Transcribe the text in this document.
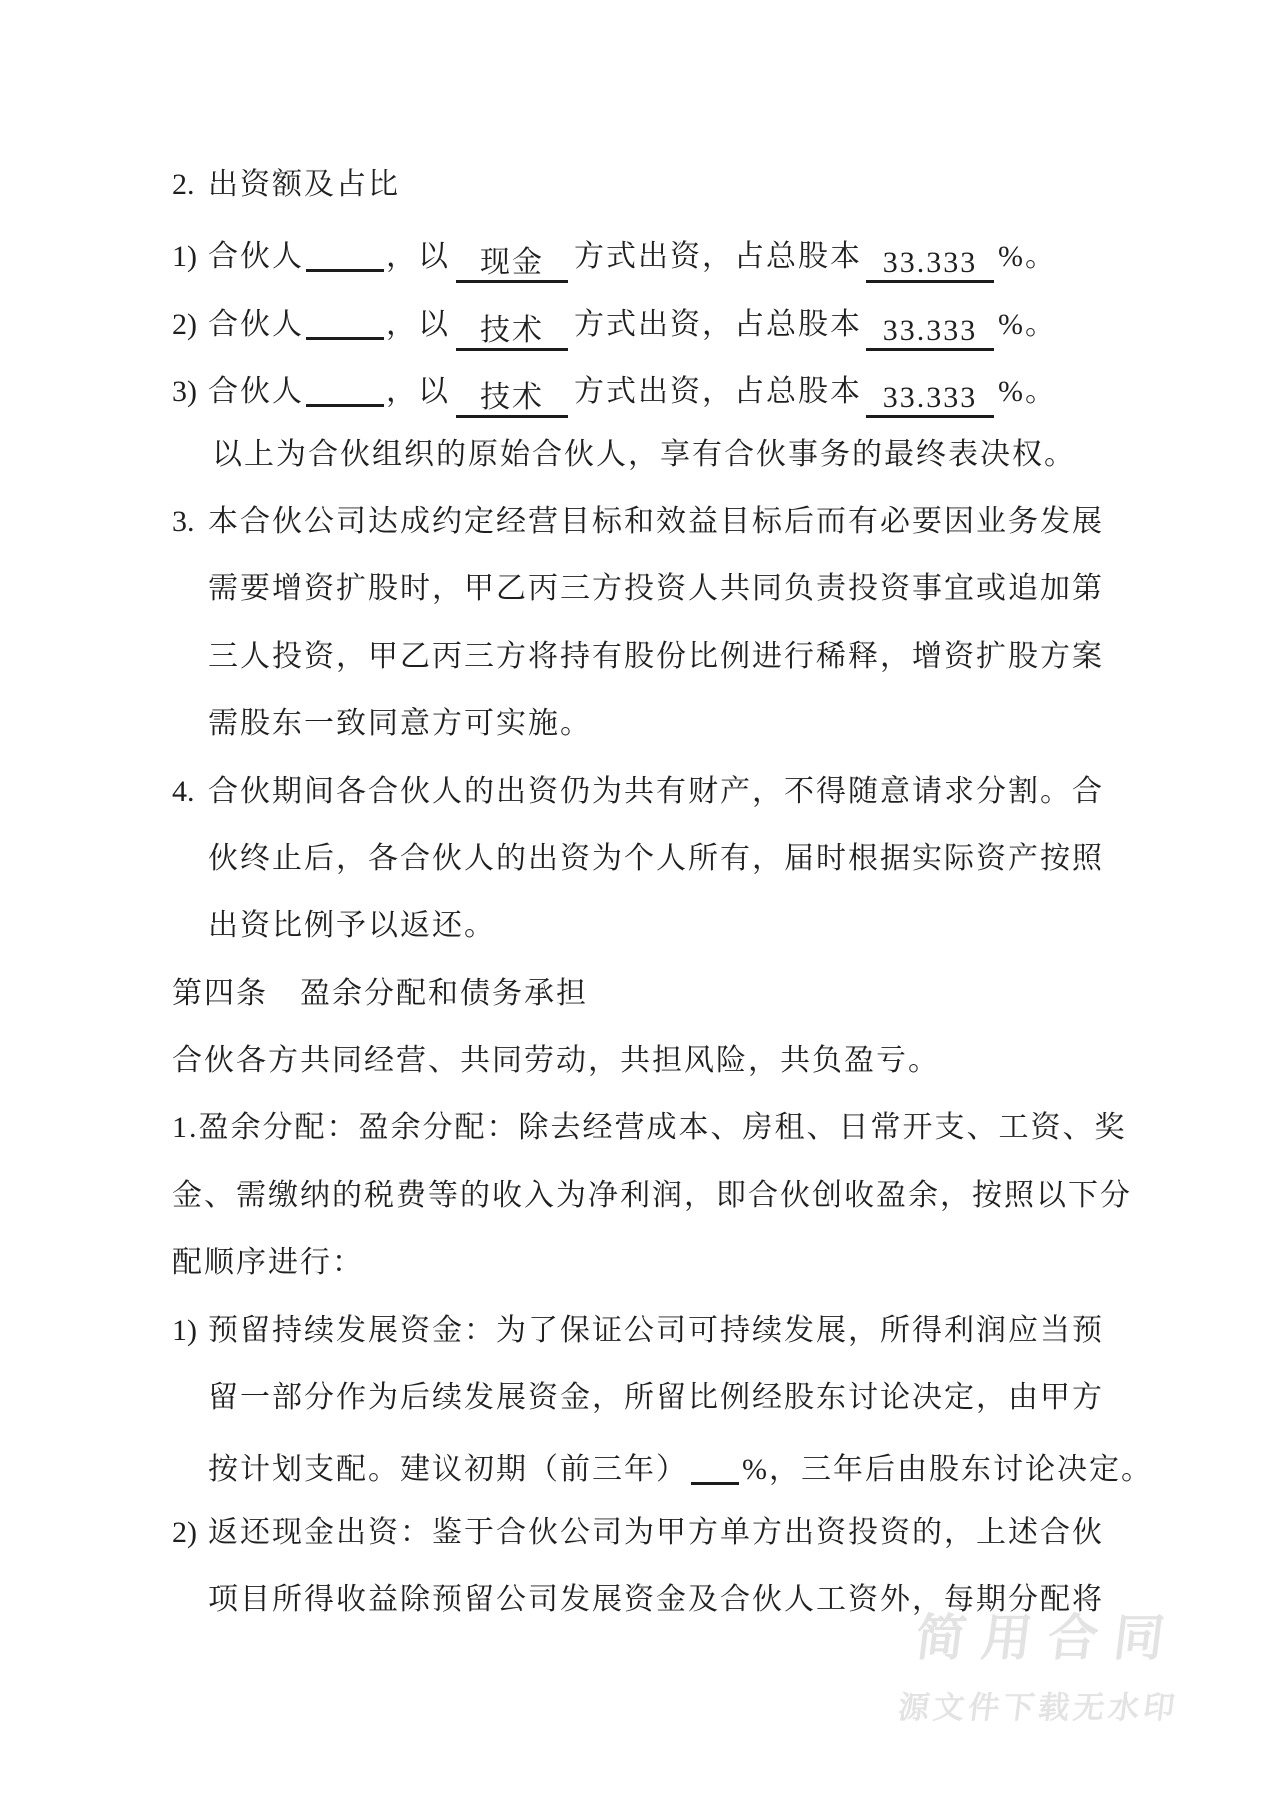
2. 出资额及占比
1) 合伙人	，以 现金 方式出资，占总股本 33.333 %。
2) 合伙人	，以 技术 方式出资，占总股本 33.333 %。
3) 合伙人	，以 技术 方式出资，占总股本 33.333 %。
以上为合伙组织的原始合伙人，享有合伙事务的最终表决权。
3. 本合伙公司达成约定经营目标和效益目标后而有必要因业务发展
需要增资扩股时，甲乙丙三方投资人共同负责投资事宜或追加第
三人投资，甲乙丙三方将持有股份比例进行稀释，增资扩股方案
需股东一致同意方可实施。
4. 合伙期间各合伙人的出资仍为共有财产，不得随意请求分割。合
伙终止后，各合伙人的出资为个人所有，届时根据实际资产按照
出资比例予以返还。
第四条　盈余分配和债务承担
合伙各方共同经营、共同劳动，共担风险，共负盈亏。
1.盈余分配：盈余分配：除去经营成本、房租、日常开支、工资、奖
金、需缴纳的税费等的收入为净利润，即合伙创收盈余，按照以下分
配顺序进行：
1) 预留持续发展资金：为了保证公司可持续发展，所得利润应当预
留一部分作为后续发展资金，所留比例经股东讨论决定，由甲方
按计划支配。建议初期（前三年） %，三年后由股东讨论决定。
2) 返还现金出资：鉴于合伙公司为甲方单方出资投资的，上述合伙
项目所得收益除预留公司发展资金及合伙人工资外，每期分配将
简用合同
源文件下载无水印
